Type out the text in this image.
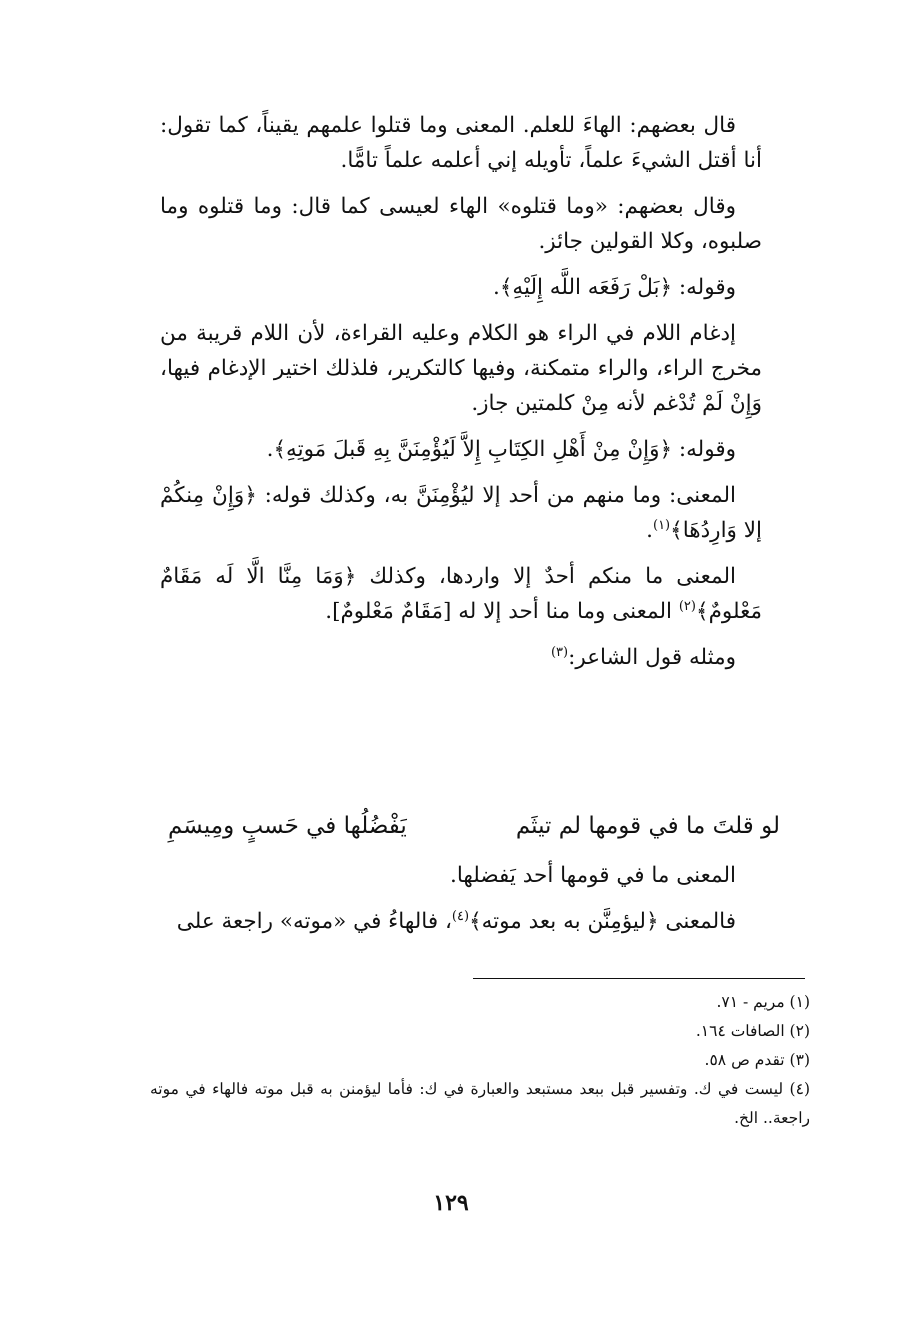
قال بعضهم: الهاءَ للعلم. المعنى وما قتلوا علمهم يقيناً، كما تقول: أنا أقتل الشيءَ علماً، تأويله إني أعلمه علماً تامًّا.

وقال بعضهم: «وما قتلوه» الهاء لعيسى كما قال: وما قتلوه وما صلبوه، وكلا القولين جائز.

وقوله: ﴿بَلْ رَفَعَه اللَّه إِلَيْهِ﴾.

إدغام اللام في الراء هو الكلام وعليه القراءة، لأن اللام قريبة من مخرج الراء، والراء متمكنة، وفيها كالتكرير، فلذلك اختير الإدغام فيها، وَإِنْ لَمْ تُدْغم لأنه مِنْ كلمتين جاز.

وقوله: ﴿وَإِنْ مِنْ أَهْلِ الكِتَابِ إِلاَّ لَيُؤْمِنَنَّ بِهِ قَبلَ مَوتِهِ﴾.

المعنى: وما منهم من أحد إلا ليُؤْمِنَنَّ به، وكذلك قوله: ﴿وَإِنْ مِنكُمْ إلا وَارِدُهَا﴾$^{(١)}$.

المعنى ما منكم أحدٌ إلا واردها، وكذلك ﴿وَمَا مِنَّا الَّا لَه مَقَامٌ مَعْلومٌ﴾$^{(٢)}$ المعنى وما منا أحد إلا له [مَقَامٌ مَعْلومٌ].

ومثله قول الشاعر:$^{(٣)}$

لو قلتَ ما في قومها لم تيثَم
يَفْضُلُها في حَسبٍ ومِيسَمِ

المعنى ما في قومها أحد يَفضلها.

فالمعنى ﴿ليؤمِنَّن به بعد موته﴾$^{(٤)}$، فالهاءُ في «موته» راجعة على

(١) مريم - ٧١.

(٢) الصافات ١٦٤.

(٣) تقدم ص ٥٨.

(٤) ليست في ك. وتفسير قبل ببعد مستبعد والعبارة في ك: فأما ليؤمنن به قبل موته فالهاء في موته راجعة.. الخ.

١٢٩
